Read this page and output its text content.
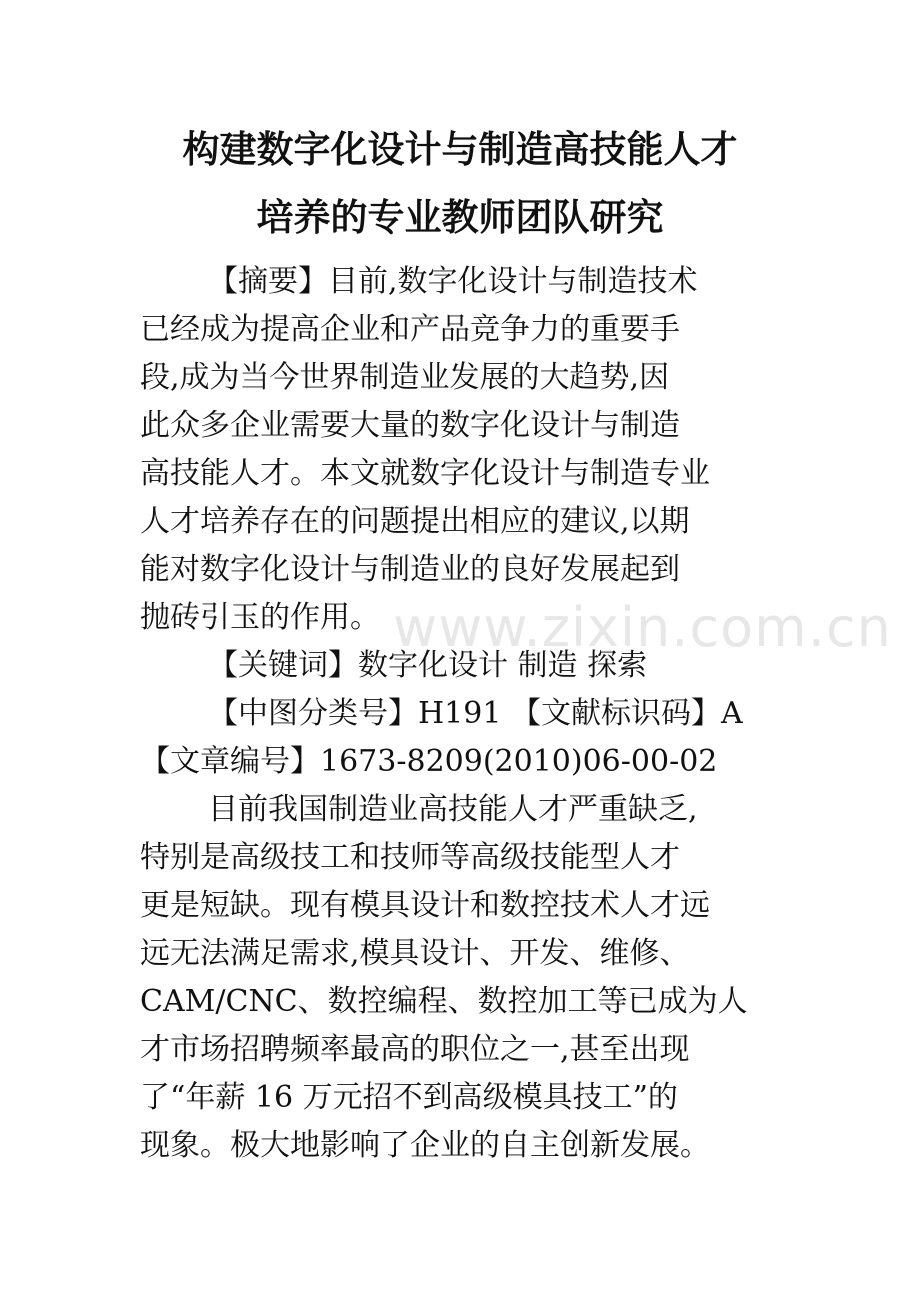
构建数字化设计与制造高技能人才
培养的专业教师团队研究

【摘要】目前,数字化设计与制造技术

已经成为提高企业和产品竞争力的重要手

段,成为当今世界制造业发展的大趋势,因

此众多企业需要大量的数字化设计与制造

高技能人才。本文就数字化设计与制造专业

人才培养存在的问题提出相应的建议,以期

能对数字化设计与制造业的良好发展起到

抛砖引玉的作用。

【关键词】数字化设计 制造 探索

【中图分类号】H191 【文献标识码】A

【文章编号】1673-8209(2010)06-00-02

目前我国制造业高技能人才严重缺乏,

特别是高级技工和技师等高级技能型人才

更是短缺。现有模具设计和数控技术人才远

远无法满足需求,模具设计、开发、维修、

CAM/CNC、数控编程、数控加工等已成为人

才市场招聘频率最高的职位之一,甚至出现

了“年薪 16 万元招不到高级模具技工”的

现象。极大地影响了企业的自主创新发展。

www.zixin.com.cn
